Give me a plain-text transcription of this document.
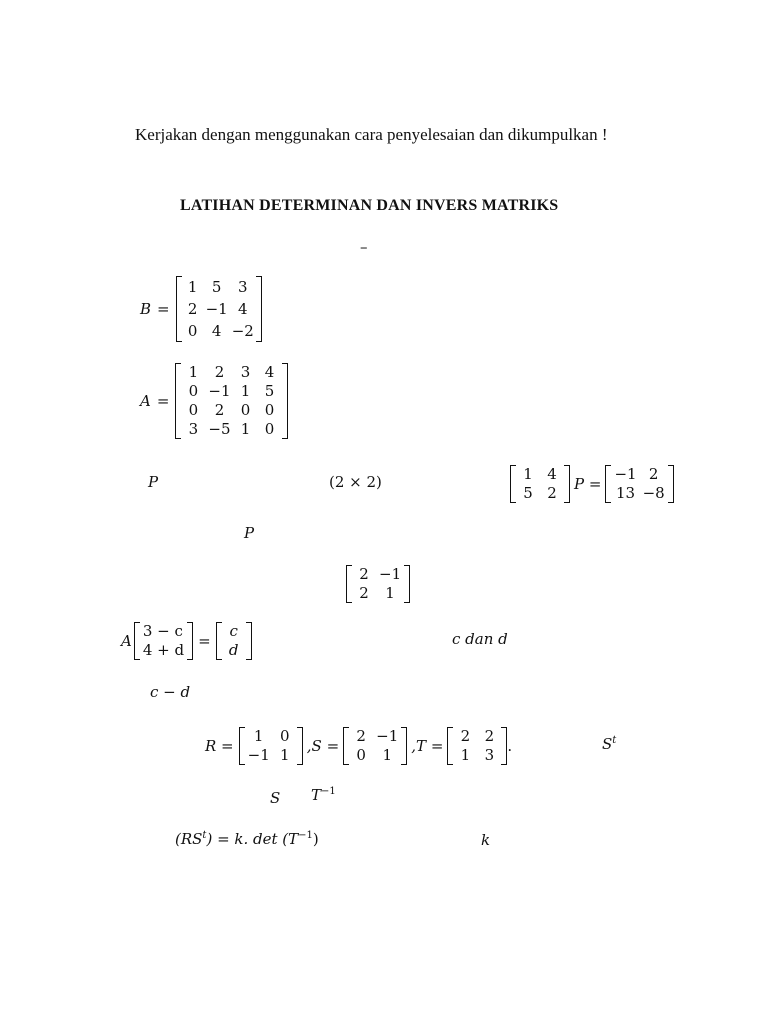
Kerjakan dengan menggunakan cara penyelesaian dan dikumpulkan !
LATIHAN DETERMINAN DAN INVERS MATRIKS
–
B =
1	5	3
2	−1	4
0	4	−2
A =
1	2	3	4
0	−1	1	5
0	2	0	0
3	−5	1	0
P	(2 × 2)	1	4
5	2 P =
−1	2
13	−8
P
2	−1
2	1
A
3 − c
4 + d =
c
d
c dan d
c − d
R =
1	0
−1	1 ,S =
2	−1
0	1 ,T =
2	2
1	3 .	$S^t$
S $T^{-1}$
$(RS^t) = k$. $\det (T^{-1})$	k
